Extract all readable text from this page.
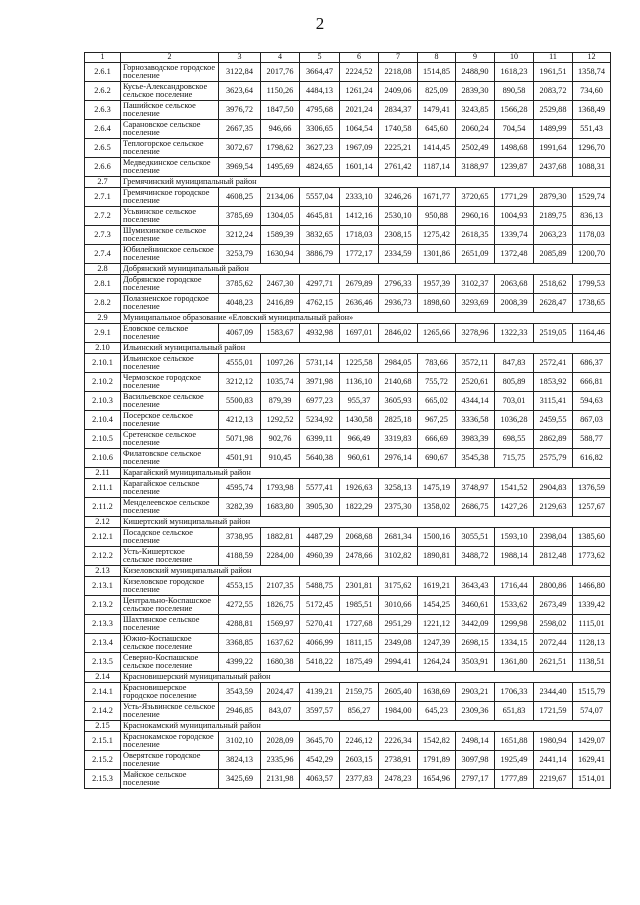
2
1	2	3	4	5	6	7	8	9	10	11	12
2.6.1	Горнозаводское городское поселение	3122,84	2017,76	3664,47	2224,52	2218,08	1514,85	2488,90	1618,23	1961,51	1358,74
2.6.2	Кусье-Александровское сельское поселение	3623,64	1150,26	4484,13	1261,24	2409,06	825,09	2839,30	890,58	2083,72	734,60
2.6.3	Пашийское сельское поселение	3976,72	1847,50	4795,68	2021,24	2834,37	1479,41	3243,85	1566,28	2529,88	1368,49
2.6.4	Сарановское сельское поселение	2667,35	946,66	3306,65	1064,54	1740,58	645,60	2060,24	704,54	1489,99	551,43
2.6.5	Теплогорское сельское поселение	3072,67	1798,62	3627,23	1967,09	2225,21	1414,45	2502,49	1498,68	1991,64	1296,70
2.6.6	Медведкинское сельское поселение	3969,54	1495,69	4824,65	1601,14	2761,42	1187,14	3188,97	1239,87	2437,68	1088,31
2.7	Гремячинский муниципальный район										
2.7.1	Гремячинское городское поселение	4608,25	2134,06	5557,04	2333,10	3246,26	1671,77	3720,65	1771,29	2879,30	1529,74
2.7.2	Усьвинское сельское поселение	3785,69	1304,05	4645,81	1412,16	2530,10	950,88	2960,16	1004,93	2189,75	836,13
2.7.3	Шумихинское сельское поселение	3212,24	1589,39	3832,65	1718,03	2308,15	1275,42	2618,35	1339,74	2063,23	1178,03
2.7.4	Юбилейнинское сельское поселение	3253,79	1630,94	3886,79	1772,17	2334,59	1301,86	2651,09	1372,48	2085,89	1200,70
2.8	Добрянский муниципальный район										
2.8.1	Добрянское городское поселение	3785,62	2467,30	4297,71	2679,89	2796,33	1957,39	3102,37	2063,68	2518,62	1799,53
2.8.2	Полазненское городское поселение	4048,23	2416,89	4762,15	2636,46	2936,73	1898,60	3293,69	2008,39	2628,47	1738,65
2.9	Муниципальное образование «Еловский муниципальный район»										
2.9.1	Еловское сельское поселение	4067,09	1583,67	4932,98	1697,01	2846,02	1265,66	3278,96	1322,33	2519,05	1164,46
2.10	Ильинский муниципальный район										
2.10.1	Ильинское сельское поселение	4555,01	1097,26	5731,14	1225,58	2984,05	783,66	3572,11	847,83	2572,41	686,37
2.10.2	Чермозское городское поселение	3212,12	1035,74	3971,98	1136,10	2140,68	755,72	2520,61	805,89	1853,92	666,81
2.10.3	Васильевское сельское поселение	5500,83	879,39	6977,23	955,37	3605,93	665,02	4344,14	703,01	3115,41	594,63
2.10.4	Посерское сельское поселение	4212,13	1292,52	5234,92	1430,58	2825,18	967,25	3336,58	1036,28	2459,55	867,03
2.10.5	Сретенское сельское поселение	5071,98	902,76	6399,11	966,49	3319,83	666,69	3983,39	698,55	2862,89	588,77
2.10.6	Филатовское сельское поселение	4501,91	910,45	5640,38	960,61	2976,14	690,67	3545,38	715,75	2575,79	616,82
2.11	Карагайский муниципальный район										
2.11.1	Карагайское сельское поселение	4595,74	1793,98	5577,41	1926,63	3258,13	1475,19	3748,97	1541,52	2904,83	1376,59
2.11.2	Менделеевское сельское поселение	3282,39	1683,80	3905,30	1822,29	2375,30	1358,02	2686,75	1427,26	2129,63	1257,67
2.12	Кишертский муниципальный район										
2.12.1	Посадское сельское поселение	3738,95	1882,81	4487,29	2068,68	2681,34	1500,16	3055,51	1593,10	2398,04	1385,60
2.12.2	Усть-Кишертское сельское поселение	4188,59	2284,00	4960,39	2478,66	3102,82	1890,81	3488,72	1988,14	2812,48	1773,62
2.13	Кизеловский муниципальный район										
2.13.1	Кизеловское городское поселение	4553,15	2107,35	5488,75	2301,81	3175,62	1619,21	3643,43	1716,44	2800,86	1466,80
2.13.2	Центрально-Коспашское сельское поселение	4272,55	1826,75	5172,45	1985,51	3010,66	1454,25	3460,61	1533,62	2673,49	1339,42
2.13.3	Шахтинское сельское поселение	4288,81	1569,97	5270,41	1727,68	2951,29	1221,12	3442,09	1299,98	2598,02	1115,01
2.13.4	Южно-Коспашское сельское поселение	3368,85	1637,62	4066,99	1811,15	2349,08	1247,39	2698,15	1334,15	2072,44	1128,13
2.13.5	Северно-Коспашское сельское поселение	4399,22	1680,38	5418,22	1875,49	2994,41	1264,24	3503,91	1361,80	2621,51	1138,51
2.14	Красновишерский муниципальный район										
2.14.1	Красновишерское городское поселение	3543,59	2024,47	4139,21	2159,75	2605,40	1638,69	2903,21	1706,33	2344,40	1515,79
2.14.2	Усть-Язьвинское сельское поселение	2946,85	843,07	3597,57	856,27	1984,00	645,23	2309,36	651,83	1721,59	574,07
2.15	Краснокамский муниципальный район										
2.15.1	Краснокамское городское поселение	3102,10	2028,09	3645,70	2246,12	2226,34	1542,82	2498,14	1651,88	1980,94	1429,07
2.15.2	Оверятское городское поселение	3824,13	2335,96	4542,29	2603,15	2738,91	1791,89	3097,98	1925,49	2441,14	1629,41
2.15.3	Майское сельское поселение	3425,69	2131,98	4063,57	2377,83	2478,23	1654,96	2797,17	1777,89	2219,67	1514,01
